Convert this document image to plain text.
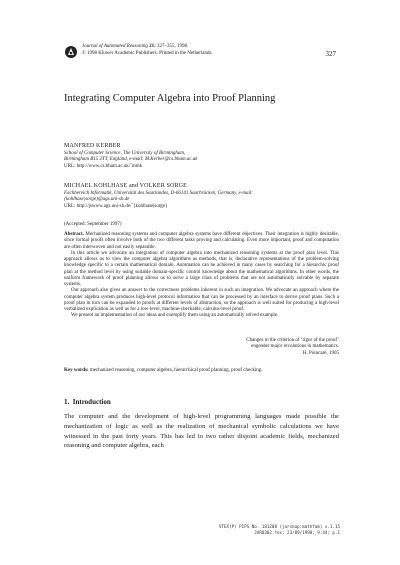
Journal of Automated Reasoning 21: 327–355, 1998.
© 1998 Kluwer Academic Publishers. Printed in the Netherlands.	327
Integrating Computer Algebra into Proof Planning
MANFRED KERBER
School of Computer Science, The University of Birmingham,
Birmingham B15 2TT, England, e-mail: M.Kerber@cs.bham.ac.uk
URL: http://www.cs.bham.ac.uk/˜mmk
MICHAEL KOHLHASE and VOLKER SORGE
Fachbereich Informatik, Universität des Saarlandes, D-66141 Saarbrücken, Germany, e-mail:
{kohlhase|sorge}@ags.uni-sb.de
URL: http://jswww.ags.uni-sb.de/˜{kohlhase|sorge}
(Accepted: September 1997)

Abstract. Mechanized reasoning systems and computer algebra systems have different objectives. Their integration is highly desirable, since formal proofs often involve both of the two different tasks proving and calculating. Even more important, proof and computation are often interwoven and not easily separable.

In this article we advocate an integration of computer algebra into mechanized reasoning systems at the proof plan level. This approach allows us to view the computer algebra algorithms as methods, that is, declarative representations of the problem-solving knowledge specific to a certain mathematical domain. Automation can be achieved in many cases by searching for a hierarchic proof plan at the method level by using suitable domain-specific control knowledge about the mathematical algorithms. In other words, the uniform framework of proof planning allows us to solve a large class of problems that are not automatically solvable by separate systems.

Our approach also gives an answer to the correctness problems inherent in such an integration. We advocate an approach where the computer algebra system produces high-level protocol information that can be processed by an interface to derive proof plans. Such a proof plan in turn can be expanded to proofs at different levels of abstraction, so the approach is well suited for producing a high-level verbalized explication as well as for a low-level, machine-checkable, calculus-level proof.

We present an implementation of our ideas and exemplify them using an automatically solved example.

Changes in the criterion of ‘rigor of the proof’
engender major revolutions in mathematics.
H. Poincaré, 1905
Key words: mechanized reasoning, computer algebra, hierarchical proof planning, proof checking.
1. Introduction
The computer and the development of high-level programming languages made possible the mechanization of logic as well as the realization of mechanical symbolic calculations we have witnessed in the past forty years. This has led to two rather disjoint academic fields, mechanized reasoning and computer algebra, each
VTEX(P) PIPS No. 181208 (jarskap:mathfam) v.1.15
JAR0302.tex; 23/09/1998; 9:44; p.1
